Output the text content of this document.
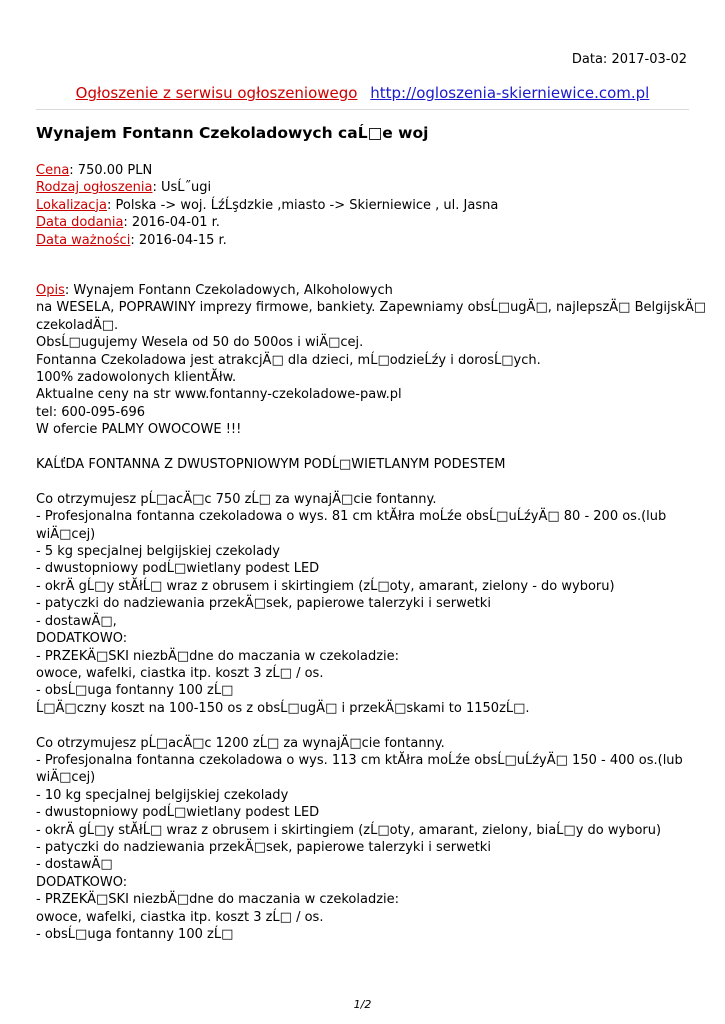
Data: 2017-03-02
Ogłoszenie z serwisu ogłoszeniowego http://ogloszenia-skierniewice.com.pl
Wynajem Fontann Czekoladowych caĹ□e woj
Cena: 750.00 PLN
Rodzaj ogłoszenia: UsĹ˝ugi
Lokalizacja: Polska -> woj. ĹźĹşdzkie ,miasto -> Skierniewice , ul. Jasna
Data dodania: 2016-04-01 r.
Data ważności: 2016-04-15 r.
Opis: Wynajem Fontann Czekoladowych, Alkoholowych
na WESELA, POPRAWINY imprezy firmowe, bankiety. Zapewniamy obsĹ□ugÄ□, najlepszÄ□ BelgijskÄ□
czekoladÄ□.
ObsĹ□ugujemy Wesela od 50 do 500os i wiÄ□cej.
Fontanna Czekoladowa jest atrakcjÄ□ dla dzieci, mĹ□odzieĹźy i dorosĹ□ych.
100% zadowolonych klientĂłw.
Aktualne ceny na str www.fontanny-czekoladowe-paw.pl
tel: 600-095-696
W ofercie PALMY OWOCOWE !!!
KAĹťDA FONTANNA Z DWUSTOPNIOWYM PODĹ□WIETLANYM PODESTEM
Co otrzymujesz pĹ□acÄ□c 750 zĹ□ za wynajÄ□cie fontanny.
- Profesjonalna fontanna czekoladowa o wys. 81 cm ktĂłra moĹźe obsĹ□uĹźyÄ□ 80 - 200 os.(lub
wiÄ□cej)
- 5 kg specjalnej belgijskiej czekolady
- dwustopniowy podĹ□wietlany podest LED
- okrÄ gĹ□y stĂłĹ□ wraz z obrusem i skirtingiem (zĹ□oty, amarant, zielony - do wyboru)
- patyczki do nadziewania przekÄ□sek, papierowe talerzyki i serwetki
- dostawÄ□,
DODATKOWO:
- PRZEKÄ□SKI niezbÄ□dne do maczania w czekoladzie:
owoce, wafelki, ciastka itp. koszt 3 zĹ□ / os.
- obsĹ□uga fontanny 100 zĹ□
Ĺ□Ä□czny koszt na 100-150 os z obsĹ□ugÄ□ i przekÄ□skami to 1150zĹ□.
Co otrzymujesz pĹ□acÄ□c 1200 zĹ□ za wynajÄ□cie fontanny.
- Profesjonalna fontanna czekoladowa o wys. 113 cm ktĂłra moĹźe obsĹ□uĹźyÄ□ 150 - 400 os.(lub
wiÄ□cej)
- 10 kg specjalnej belgijskiej czekolady
- dwustopniowy podĹ□wietlany podest LED
- okrÄ gĹ□y stĂłĹ□ wraz z obrusem i skirtingiem (zĹ□oty, amarant, zielony, biaĹ□y do wyboru)
- patyczki do nadziewania przekÄ□sek, papierowe talerzyki i serwetki
- dostawÄ□
DODATKOWO:
- PRZEKÄ□SKI niezbÄ□dne do maczania w czekoladzie:
owoce, wafelki, ciastka itp. koszt 3 zĹ□ / os.
- obsĹ□uga fontanny 100 zĹ□
1/2
